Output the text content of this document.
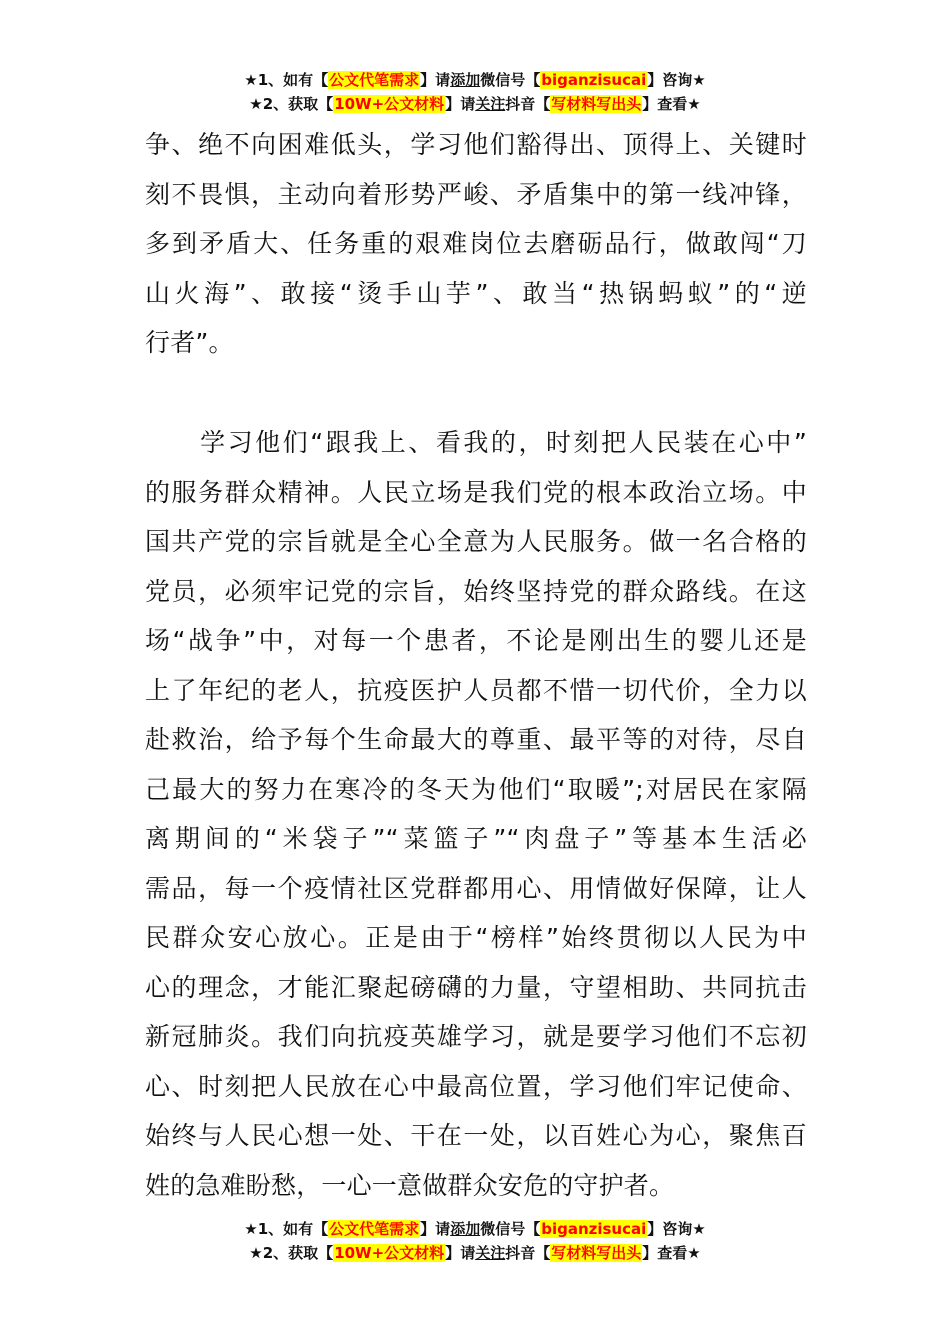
★1、如有【公文代笔需求】请添加微信号【biganzisucai】咨询★
★2、获取【10W+公文材料】请关注抖音【写材料写出头】查看★
争、绝不向困难低头，学习他们豁得出、顶得上、关键时
刻不畏惧，主动向着形势严峻、矛盾集中的第一线冲锋，
多到矛盾大、任务重的艰难岗位去磨砺品行，做敢闯“刀
山火海”、敢接“烫手山芋”、敢当“热锅蚂蚁”的“逆
行者”。
　　学习他们“跟我上、看我的，时刻把人民装在心中”
的服务群众精神。人民立场是我们党的根本政治立场。中
国共产党的宗旨就是全心全意为人民服务。做一名合格的
党员，必须牢记党的宗旨，始终坚持党的群众路线。在这
场“战争”中，对每一个患者，不论是刚出生的婴儿还是
上了年纪的老人，抗疫医护人员都不惜一切代价，全力以
赴救治，给予每个生命最大的尊重、最平等的对待，尽自
己最大的努力在寒冷的冬天为他们“取暖”;对居民在家隔
离期间的“米袋子”“菜篮子”“肉盘子”等基本生活必
需品，每一个疫情社区党群都用心、用情做好保障，让人
民群众安心放心。正是由于“榜样”始终贯彻以人民为中
心的理念，才能汇聚起磅礴的力量，守望相助、共同抗击
新冠肺炎。我们向抗疫英雄学习，就是要学习他们不忘初
心、时刻把人民放在心中最高位置，学习他们牢记使命、
始终与人民心想一处、干在一处，以百姓心为心，聚焦百
姓的急难盼愁，一心一意做群众安危的守护者。
★1、如有【公文代笔需求】请添加微信号【biganzisucai】咨询★
★2、获取【10W+公文材料】请关注抖音【写材料写出头】查看★
